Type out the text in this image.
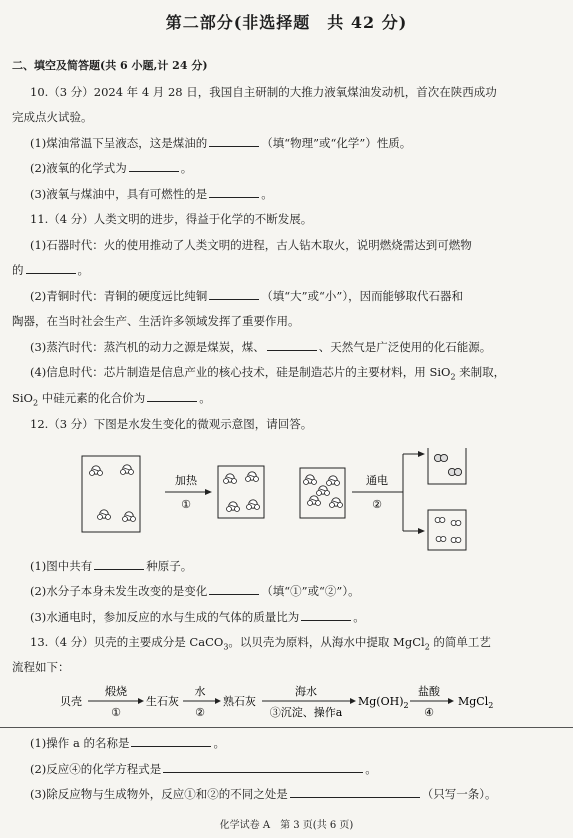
第二部分(非选择题　共 42 分)
二、填空及简答题(共 6 小题,计 24 分)
10.（3 分）2024 年 4 月 28 日，我国自主研制的大推力液氧煤油发动机，首次在陕西成功
完成点火试验。
(1)煤油常温下呈液态，这是煤油的	（填“物理”或“化学”）性质。
(2)液氧的化学式为	。
(3)液氧与煤油中，具有可燃性的是	。
11.（4 分）人类文明的进步，得益于化学的不断发展。
(1)石器时代：火的使用推动了人类文明的进程，古人钻木取火，说明燃烧需达到可燃物
的	。
(2)青铜时代：青铜的硬度远比纯铜	（填“大”或“小”），因而能够取代石器和
陶器，在当时社会生产、生活许多领域发挥了重要作用。
(3)蒸汽时代：蒸汽机的动力之源是煤炭，煤、	、天然气是广泛使用的化石能源。
(4)信息时代：芯片制造是信息产业的核心技术，硅是制造芯片的主要材料，用 SiO$_2$ 来制取，
SiO$_2$ 中硅元素的化合价为	。
12.（3 分）下图是水发生变化的微观示意图，请回答。
加热
①
通电
②
(1)图中共有	种原子。
(2)水分子本身未发生改变的是变化	（填“①”或“②”）。
(3)水通电时，参加反应的水与生成的气体的质量比为	。
13.（4 分）贝壳的主要成分是 CaCO$_3$。以贝壳为原料，从海水中提取 MgCl$_2$ 的简单工艺
流程如下：
贝壳
煅烧
①
生石灰
水
②
熟石灰
海水
③沉淀、操作a
$Mg(OH)_2$
盐酸
④
MgCl$_2$
(1)操作 a 的名称是	。
(2)反应④的化学方程式是	。
(3)除反应物与生成物外，反应①和②的不同之处是	（只写一条）。
化学试卷 A　第 3 页(共 6 页)
